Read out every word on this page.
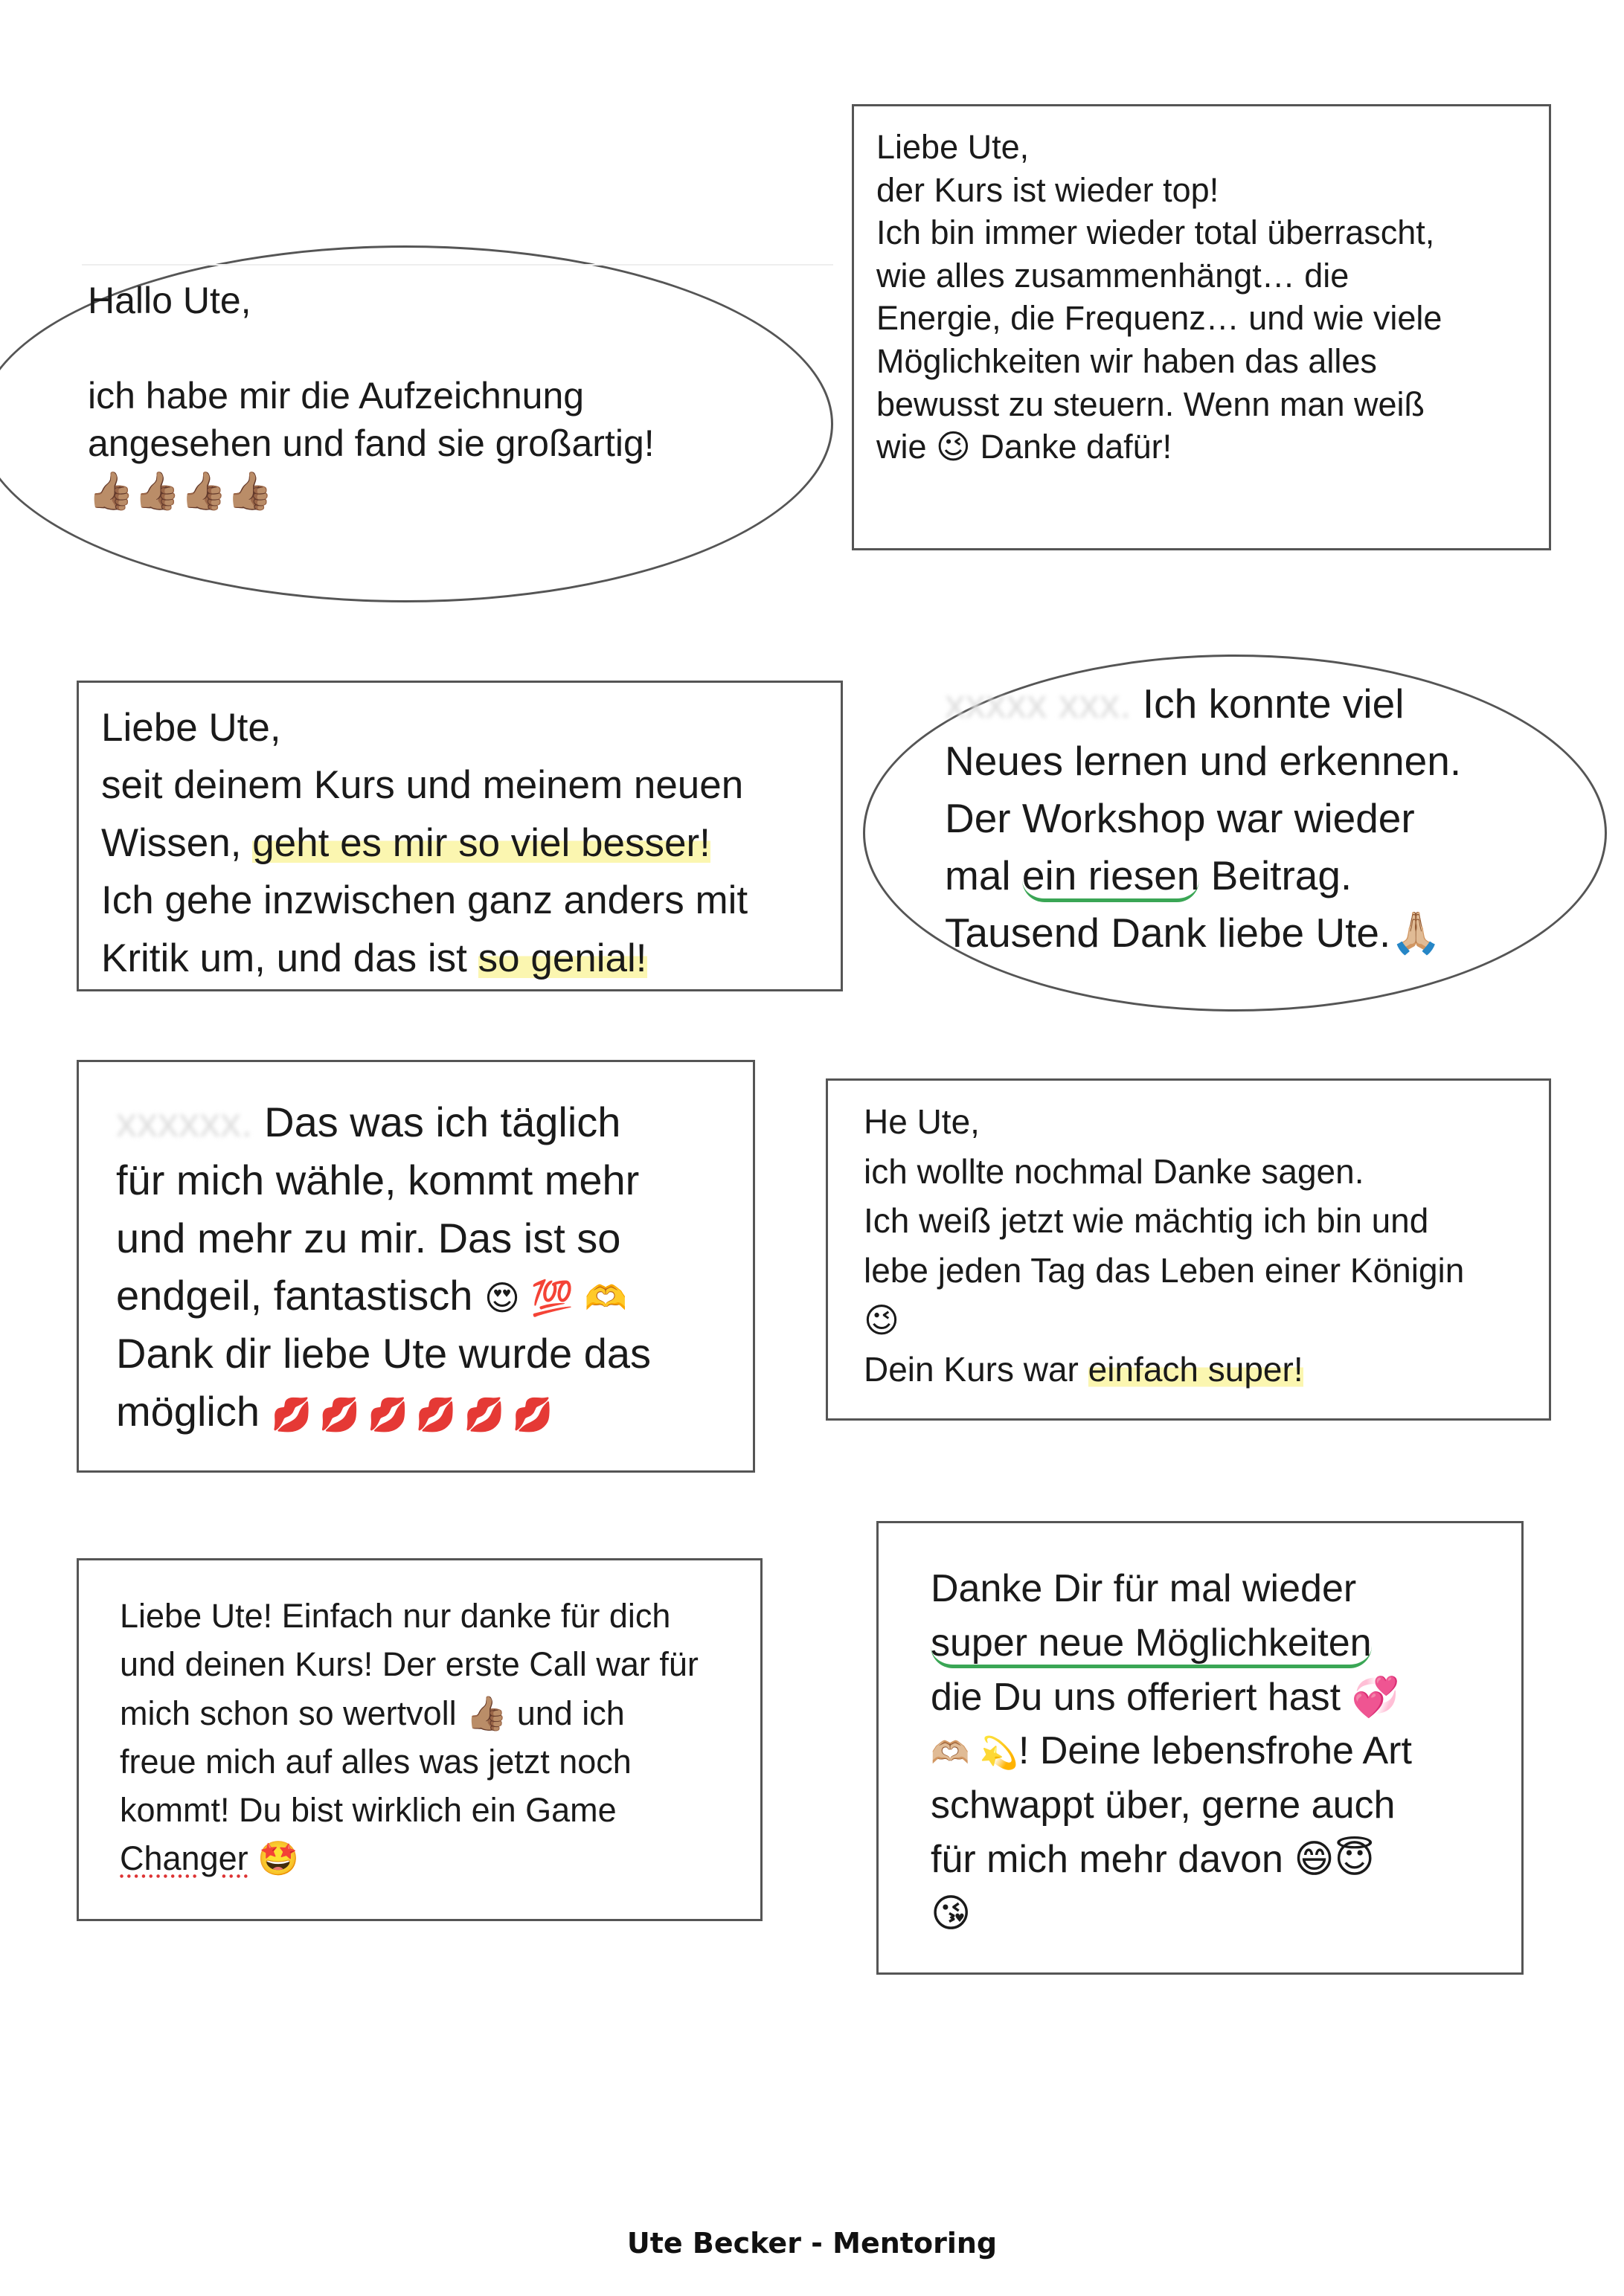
Hallo Ute,

ich habe mir die Aufzeichnung
angesehen und fand sie großartig!
👍🏽👍🏽👍🏽👍🏽
Liebe Ute,
der Kurs ist wieder top!
Ich bin immer wieder total überrascht,
wie alles zusammenhängt… die
Energie, die Frequenz… und wie viele
Möglichkeiten wir haben das alles
bewusst zu steuern. Wenn man weiß
wie 😉 Danke dafür!
Liebe Ute,
seit deinem Kurs und meinem neuen
Wissen, geht es mir so viel besser!
Ich gehe inzwischen ganz anders mit
Kritik um, und das ist so genial!
xxxxx xxx. Ich konnte viel
Neues lernen und erkennen.
Der Workshop war wieder
mal ein riesen Beitrag.
Tausend Dank liebe Ute.🙏🏼
xxxxxx. Das was ich täglich
für mich wähle, kommt mehr
und mehr zu mir. Das ist so
endgeil, fantastisch 😍 💯 🫶
Dank dir liebe Ute wurde das
möglich 💋💋💋💋💋💋
He Ute,
ich wollte nochmal Danke sagen.
Ich weiß jetzt wie mächtig ich bin und
lebe jeden Tag das Leben einer Königin
😉
Dein Kurs war einfach super!
Liebe Ute! Einfach nur danke für dich
und deinen Kurs! Der erste Call war für
mich schon so wertvoll 👍🏽 und ich
freue mich auf alles was jetzt noch
kommt! Du bist wirklich ein Game
Changer 🤩
Danke Dir für mal wieder
super neue Möglichkeiten
die Du uns offeriert hast 💞
🫶🏼 💫! Deine lebensfrohe Art
schwappt über, gerne auch
für mich mehr davon 😄😇
😘
Ute Becker - Mentoring
